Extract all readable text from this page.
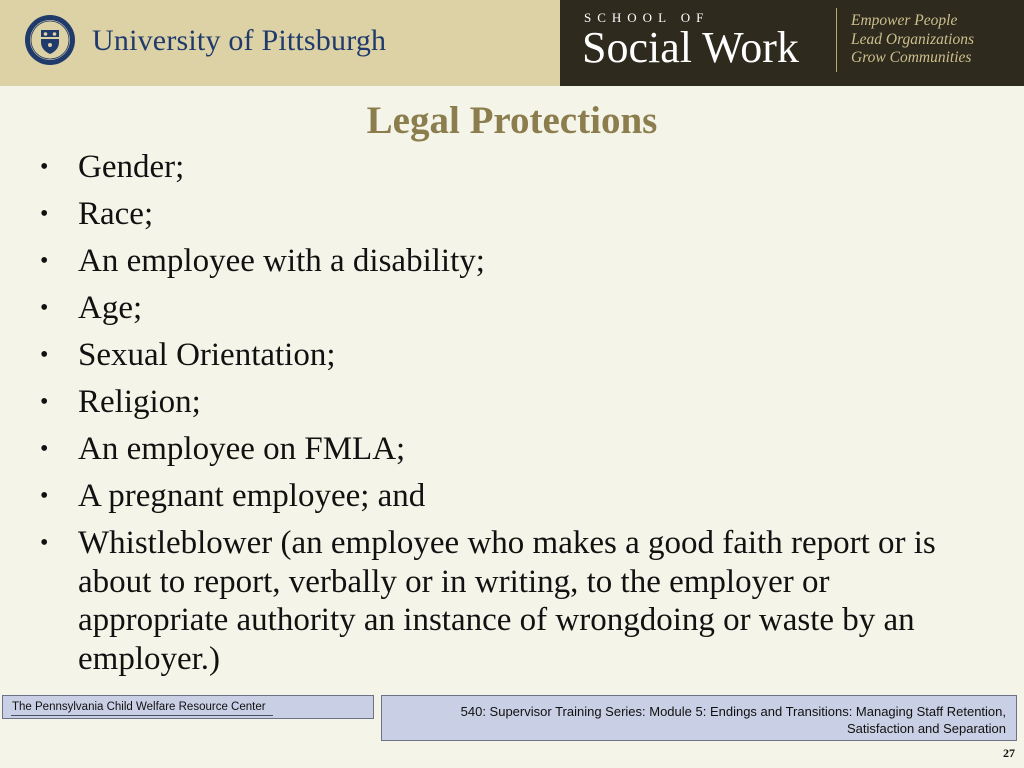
University of Pittsburgh
SCHOOL OF
Social Work
Empower People
Lead Organizations
Grow Communities
Legal Protections
• Gender;
• Race;
• An employee with a disability;
• Age;
• Sexual Orientation;
• Religion;
• An employee on FMLA;
• A pregnant employee; and
• Whistleblower (an employee who makes a good faith report or is about to report, verbally or in writing, to the employer or appropriate authority an instance of wrongdoing or waste by an employer.)
The Pennsylvania Child Welfare Resource Center	540: Supervisor Training Series: Module 5: Endings and Transitions: Managing Staff Retention,
Satisfaction and Separation
27
